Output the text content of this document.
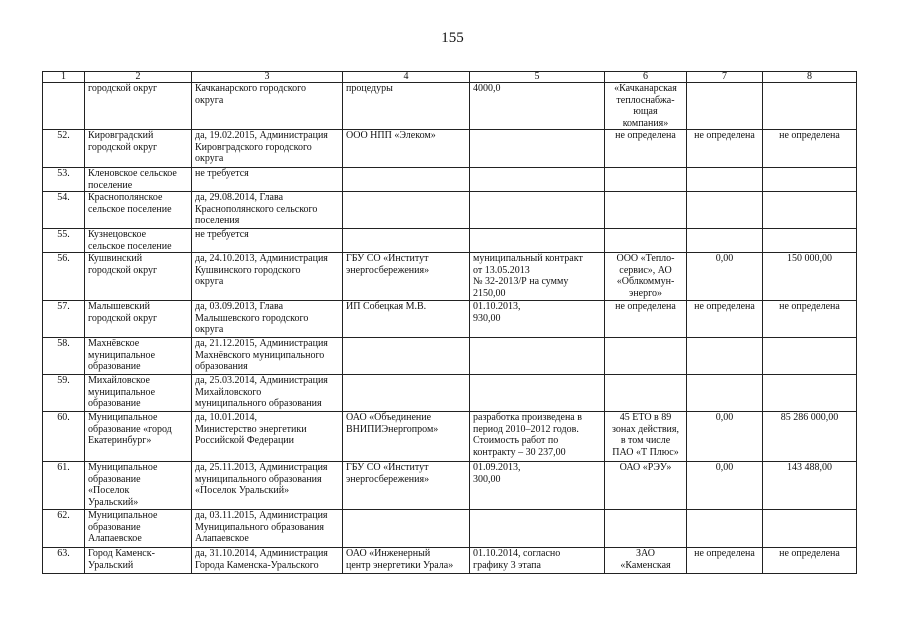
155
1	2	3	4	5	6	7	8
	городской округ	Качканарского городского
округа	процедуры	4000,0	«Качканарская
теплоснабжа-
ющая
компания»		
52.	Кировградский
городской округ	да, 19.02.2015, Администрация
Кировградского городского
округа	ООО НПП «Элеком»		не определена	не определена	не определена
53.	Кленовское сельское
поселение	не требуется					
54.	Краснополянское
сельское поселение	да, 29.08.2014, Глава
Краснополянского сельского
поселения					
55.	Кузнецовское
сельское поселение	не требуется					
56.	Кушвинский
городской округ	да, 24.10.2013, Администрация
Кушвинского городского
округа	ГБУ СО «Институт
энергосбережения»	муниципальный контракт
от 13.05.2013
№ 32-2013/Р на сумму
2150,00	ООО «Тепло-
сервис», АО
«Облкоммун-
энерго»	0,00	150 000,00
57.	Малышевский
городской округ	да, 03.09.2013, Глава
Малышевского городского
округа	ИП Собецкая М.В.	01.10.2013,
930,00	не определена	не определена	не определена
58.	Махнёвское
муниципальное
образование	да, 21.12.2015, Администрация
Махнёвского муниципального
образования					
59.	Михайловское
муниципальное
образование	да, 25.03.2014, Администрация
Михайловского
муниципального образования					
60.	Муниципальное
образование «город
Екатеринбург»	да, 10.01.2014,
Министерство энергетики
Российской Федерации	ОАО «Объединение
ВНИПИЭнергопром»	разработка произведена в
период 2010–2012 годов.
Стоимость работ по
контракту – 30 237,00	45 ЕТО в 89
зонах действия,
в том числе
ПАО «Т Плюс»	0,00	85 286 000,00
61.	Муниципальное
образование
«Поселок
Уральский»	да, 25.11.2013, Администрация
муниципального образования
«Поселок Уральский»	ГБУ СО «Институт
энергосбережения»	01.09.2013,
300,00	ОАО «РЭУ»	0,00	143 488,00
62.	Муниципальное
образование
Алапаевское	да, 03.11.2015, Администрация
Муниципального образования
Алапаевское					
63.	Город Каменск-
Уральский	да, 31.10.2014, Администрация
Города Каменска-Уральского	ОАО «Инженерный
центр энергетики Урала»	01.10.2014, согласно
графику 3 этапа	ЗАО
«Каменская	не определена	не определена
